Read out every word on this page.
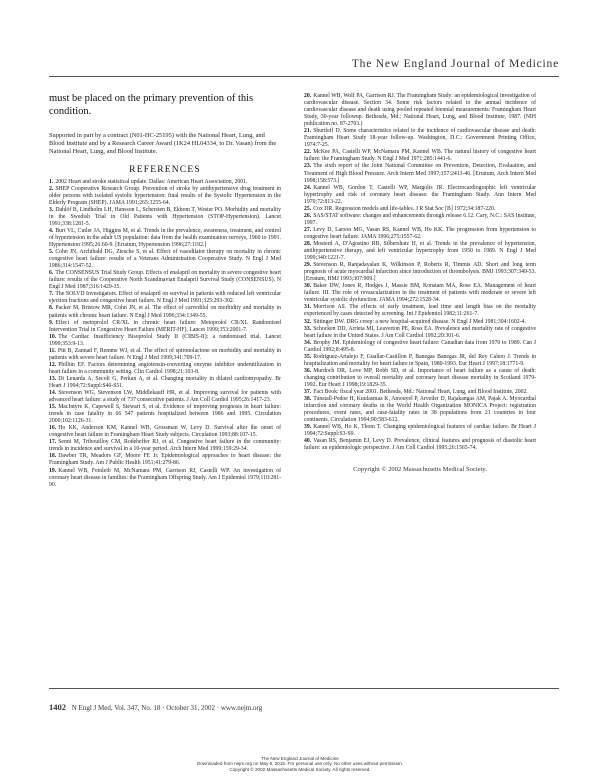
The New England Journal of Medicine

must be placed on the primary prevention of this condition.

Supported in part by a contract (N01-HC-25195) with the National Heart, Lung, and Blood Institute and by a Research Career Award (1K24 HL04334, to Dr. Vasan) from the National Heart, Lung, and Blood Institute.

REFERENCES

1. 2002 Heart and stroke statistical update. Dallas: American Heart Association, 2001.

2. SHEP Cooperative Research Group. Prevention of stroke by antihypertensive drug treatment in older persons with isolated systolic hypertension: final results of the Systolic Hypertension in the Elderly Program (SHEP). JAMA 1991;265:3255-64.

3. Dahlöf B, Lindholm LH, Hansson L, Schersten B, Ekbom T, Wester PO. Morbidity and mortality in the Swedish Trial in Old Patients with Hypertension (STOP-Hypertension). Lancet 1991;338:1281-5.

4. Burt VL, Cutler JA, Higgins M, et al. Trends in the prevalence, awareness, treatment, and control of hypertension in the adult US population: data from the health examination surveys, 1960 to 1991. Hypertension 1995;26:60-9. [Erratum, Hypertension 1996;27:1192.]

5. Cohn JN, Archibald DG, Ziesche S, et al. Effect of vasodilator therapy on mortality in chronic congestive heart failure: results of a Veterans Administration Cooperative Study. N Engl J Med 1986;314:1547-52.

6. The CONSENSUS Trial Study Group. Effects of enalapril on mortality in severe congestive heart failure: results of the Cooperative North Scandinavian Enalapril Survival Study (CONSENSUS). N Engl J Med 1987;316:1429-35.

7. The SOLVD Investigators. Effect of enalapril on survival in patients with reduced left ventricular ejection fractions and congestive heart failure. N Engl J Med 1991;325:293-302.

8. Packer M, Bristow MR, Cohn JN, et al. The effect of carvedilol on morbidity and mortality in patients with chronic heart failure. N Engl J Med 1996;334:1349-55.

9. Effect of metoprolol CR/XL in chronic heart failure: Metoprolol CR/XL Randomised Intervention Trial in Congestive Heart Failure (MERIT-HF). Lancet 1999;353:2001-7.

10. The Cardiac Insufficiency Bisoprolol Study II (CIBIS-II): a randomised trial. Lancet 1999;353:9-13.

11. Pitt B, Zannad F, Remme WJ, et al. The effect of spironolactone on morbidity and mortality in patients with severe heart failure. N Engl J Med 1999;341:709-17.

12. Philbin EF. Factors determining angiotensin-converting enzyme inhibitor underutilization in heart failure in a community setting. Clin Cardiol 1998;21:103-8.

13. Di Lenarda A, Secoli G, Perkan A, et al. Changing mortality in dilated cardiomyopathy. Br Heart J 1994;72:Suppl:S46-S51.

14. Stevenson WG, Stevenson LW, Middlekauff HR, et al. Improving survival for patients with advanced heart failure: a study of 737 consecutive patients. J Am Coll Cardiol 1995;26:1417-23.

15. MacIntyre K, Capewell S, Stewart S, et al. Evidence of improving prognosis in heart failure: trends in case fatality in 66 547 patients hospitalized between 1986 and 1995. Circulation 2000;102:1126-31.

16. Ho KK, Anderson KM, Kannel WB, Grossman W, Levy D. Survival after the onset of congestive heart failure in Framingham Heart Study subjects. Circulation 1993;88:107-15.

17. Senni M, Tribouilloy CM, Rodeheffer RJ, et al. Congestive heart failure in the community: trends in incidence and survival in a 10-year period. Arch Intern Med 1999;159:29-34.

18. Dawber TR, Meadors GF, Moore FE Jr. Epidemiological approaches to heart disease: the Framingham Study. Am J Public Health 1951;41:279-86.

19. Kannel WB, Feinleib M, McNamara PM, Garrison RJ, Castelli WP. An investigation of coronary heart disease in families: the Framingham Offspring Study. Am J Epidemiol 1979;110:281-90.

20. Kannel WB, Wolf PA, Garrison RJ. The Framingham Study: an epidemiological investigation of cardiovascular disease. Section 34. Some risk factors related to the annual incidence of cardiovascular disease and death using pooled repeated biennial measurements: Framingham Heart Study, 30-year followup. Bethesda, Md.: National Heart, Lung, and Blood Institute, 1987. (NIH publication no. 87-2703.)

21. Shurtleff D. Some characteristics related to the incidence of cardiovascular disease and death: Framingham Heart Study 18-year follow-up. Washington, D.C.: Government Printing Office, 1974:7-25.

22. McKee PA, Castelli WP, McNamara PM, Kannel WB. The natural history of congestive heart failure: the Framingham Study. N Engl J Med 1971;285:1441-6.

23. The sixth report of the Joint National Committee on Prevention, Detection, Evaluation, and Treatment of High Blood Pressure. Arch Intern Med 1997;157:2413-46. [Erratum, Arch Intern Med 1998;158:573.]

24. Kannel WB, Gordon T, Castelli WP, Margolis JR. Electrocardiographic left ventricular hypertrophy and risk of coronary heart disease: the Framingham Study. Ann Intern Med 1970;72:813-22.

25. Cox DR. Regression models and life-tables. J R Stat Soc [B] 1972;34:187-220.

26. SAS/STAT software: changes and enhancements through release 6.12. Cary, N.C.: SAS Institute, 1997.

27. Levy D, Larson MG, Vasan RS, Kannel WB, Ho KK. The progression from hypertension to congestive heart failure. JAMA 1996;275:1557-62.

28. Mosterd A, D'Agostino RB, Silbershatz H, et al. Trends in the prevalence of hypertension, antihypertensive therapy, and left ventricular hypertrophy from 1950 to 1989. N Engl J Med 1999;340:1221-7.

29. Stevenson R, Ranjadayalan K, Wilkinson P, Roberts R, Timmis AD. Short and long term prognosis of acute myocardial infarction since introduction of thrombolysis. BMJ 1993;307:349-53. [Erratum, BMJ 1993;307:909.]

30. Baker DW, Jones R, Hodges J, Massie BM, Konstam MA, Rose EA. Management of heart failure. III. The role of revascularization in the treatment of patients with moderate or severe left ventricular systolic dysfunction. JAMA 1994;272:1528-34.

31. Morrison AS. The effects of early treatment, lead time and length bias on the mortality experienced by cases detected by screening. Int J Epidemiol 1982;11:261-7.

32. Sittinger DW. DRG creep: a new hospital-acquired disease. N Engl J Med 1981;304:1602-4.

33. Schocken DD, Arrieta MI, Leaverton PE, Ross EA. Prevalence and mortality rate of congestive heart failure in the United States. J Am Coll Cardiol 1992;20:301-6.

34. Brophy JM. Epidemiology of congestive heart failure: Canadian data from 1970 to 1989. Can J Cardiol 1992;8:495-8.

35. Rodriguez-Artalejo F, Guallar-Castillon P, Banegas Banegas JR, del Rey Calero J. Trends in hospitalization and mortality for heart failure in Spain, 1980-1993. Eur Heart J 1997;18:1771-9.

36. Murdoch DR, Love MP, Robb SD, et al. Importance of heart failure as a cause of death: changing contribution to overall mortality and coronary heart disease mortality in Scotland 1979-1992. Eur Heart J 1998;19:1829-35.

37. Fact Book: fiscal year 2001. Bethesda, Md.: National Heart, Lung, and Blood Institute, 2002.

38. Tunstall-Pedoe H, Kuulasmaa K, Amouyel P, Arveiler D, Rajakangas AM, Pajak A. Myocardial infarction and coronary deaths in the World Health Organization MONICA Project: registration procedures, event rates, and case-fatality rates in 38 populations from 21 countries in four continents. Circulation 1994;90:583-612.

39. Kannel WB, Ho K, Thom T. Changing epidemiological features of cardiac failure. Br Heart J 1994;72:Suppl:S3-S9.

40. Vasan RS, Benjamin EJ, Levy D. Prevalence, clinical features and prognosis of diastolic heart failure: an epidemiologic perspective. J Am Coll Cardiol 1995;26:1565-74.

Copyright © 2002 Massachusetts Medical Society.
1402 N Engl J Med, Vol. 347, No. 18 · October 31, 2002 · www.nejm.org
The New England Journal of Medicine
Downloaded from nejm.org on May 6, 2015. For personal use only. No other uses without permission.
Copyright © 2002 Massachusetts Medical Society. All rights reserved.
